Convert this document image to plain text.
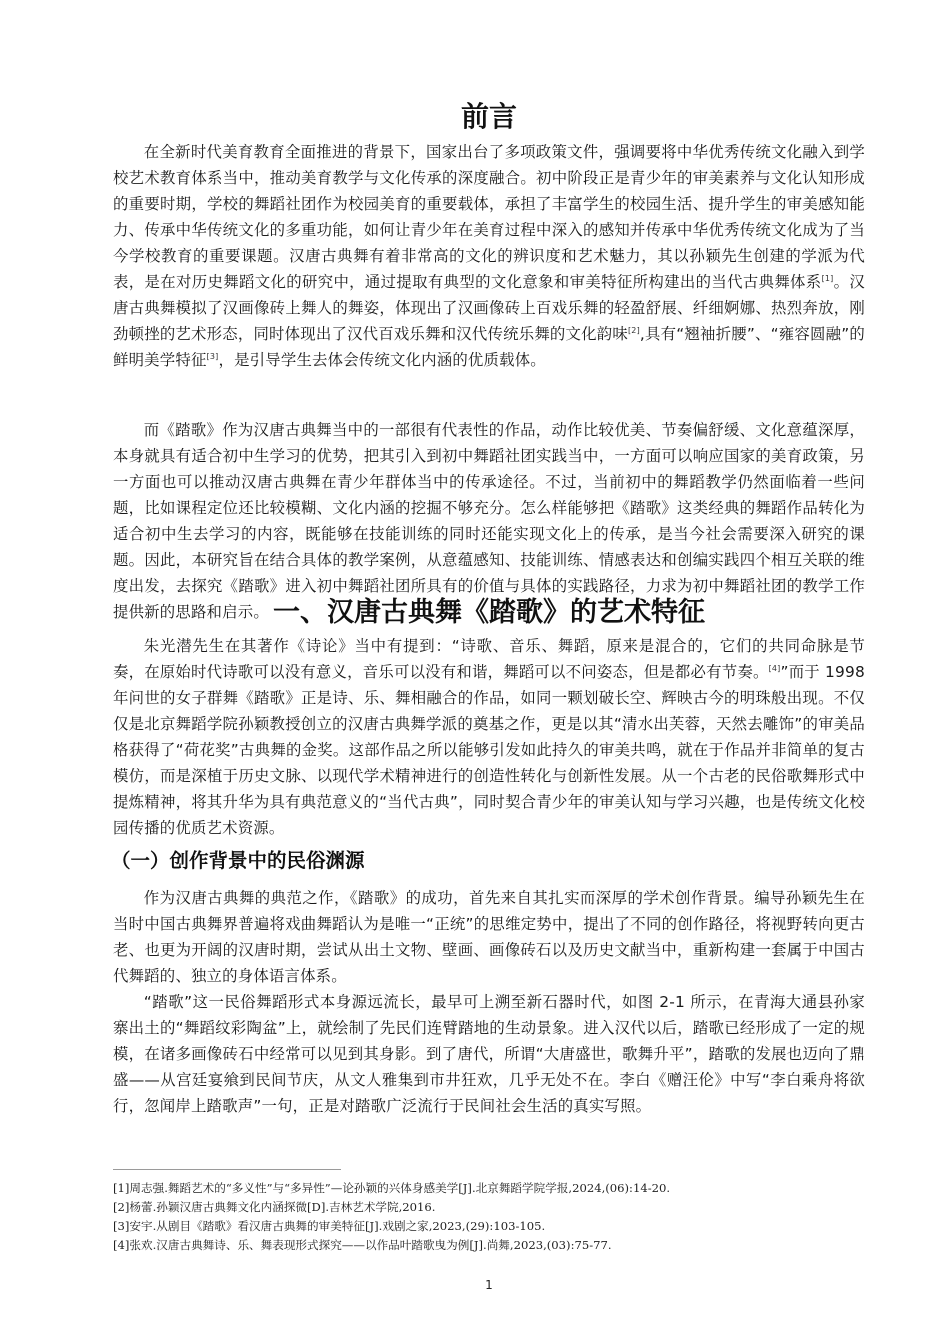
前言

在全新时代美育教育全面推进的背景下，国家出台了多项政策文件，强调要将中华优秀传统文化融入到学校艺术教育体系当中，推动美育教学与文化传承的深度融合。初中阶段正是青少年的审美素养与文化认知形成的重要时期，学校的舞蹈社团作为校园美育的重要载体，承担了丰富学生的校园生活、提升学生的审美感知能力、传承中华传统文化的多重功能，如何让青少年在美育过程中深入的感知并传承中华优秀传统文化成为了当今学校教育的重要课题。汉唐古典舞有着非常高的文化的辨识度和艺术魅力，其以孙颖先生创建的学派为代表，是在对历史舞蹈文化的研究中，通过提取有典型的文化意象和审美特征所构建出的当代古典舞体系[1]。汉唐古典舞模拟了汉画像砖上舞人的舞姿，体现出了汉画像砖上百戏乐舞的轻盈舒展、纤细婀娜、热烈奔放，刚劲顿挫的艺术形态，同时体现出了汉代百戏乐舞和汉代传统乐舞的文化韵味[2],具有“翘袖折腰”、“雍容圆融”的鲜明美学特征[3]，是引导学生去体会传统文化内涵的优质载体。

而《踏歌》作为汉唐古典舞当中的一部很有代表性的作品，动作比较优美、节奏偏舒缓、文化意蕴深厚，本身就具有适合初中生学习的优势，把其引入到初中舞蹈社团实践当中，一方面可以响应国家的美育政策，另一方面也可以推动汉唐古典舞在青少年群体当中的传承途径。不过，当前初中的舞蹈教学仍然面临着一些问题，比如课程定位还比较模糊、文化内涵的挖掘不够充分。怎么样能够把《踏歌》这类经典的舞蹈作品转化为适合初中生去学习的内容，既能够在技能训练的同时还能实现文化上的传承，是当今社会需要深入研究的课题。因此，本研究旨在结合具体的教学案例，从意蕴感知、技能训练、情感表达和创编实践四个相互关联的维度出发，去探究《踏歌》进入初中舞蹈社团所具有的价值与具体的实践路径，力求为初中舞蹈社团的教学工作提供新的思路和启示。 一、汉唐古典舞《踏歌》的艺术特征

朱光潜先生在其著作《诗论》当中有提到：“诗歌、音乐、舞蹈，原来是混合的，它们的共同命脉是节奏，在原始时代诗歌可以没有意义，音乐可以没有和谐，舞蹈可以不问姿态，但是都必有节奏。[4]”而于 1998 年问世的女子群舞《踏歌》正是诗、乐、舞相融合的作品，如同一颗划破长空、辉映古今的明珠般出现。不仅仅是北京舞蹈学院孙颖教授创立的汉唐古典舞学派的奠基之作，更是以其“清水出芙蓉，天然去雕饰”的审美品格获得了“荷花奖”古典舞的金奖。这部作品之所以能够引发如此持久的审美共鸣，就在于作品并非简单的复古模仿，而是深植于历史文脉、以现代学术精神进行的创造性转化与创新性发展。从一个古老的民俗歌舞形式中提炼精神，将其升华为具有典范意义的“当代古典”，同时契合青少年的审美认知与学习兴趣，也是传统文化校园传播的优质艺术资源。

（一）创作背景中的民俗渊源

作为汉唐古典舞的典范之作，《踏歌》的成功，首先来自其扎实而深厚的学术创作背景。编导孙颖先生在当时中国古典舞界普遍将戏曲舞蹈认为是唯一“正统”的思维定势中，提出了不同的创作路径，将视野转向更古老、也更为开阔的汉唐时期，尝试从出土文物、壁画、画像砖石以及历史文献当中，重新构建一套属于中国古代舞蹈的、独立的身体语言体系。

“踏歌”这一民俗舞蹈形式本身源远流长，最早可上溯至新石器时代，如图 2-1 所示，在青海大通县孙家寨出土的“舞蹈纹彩陶盆”上，就绘制了先民们连臂踏地的生动景象。进入汉代以后，踏歌已经形成了一定的规模，在诸多画像砖石中经常可以见到其身影。到了唐代，所谓“大唐盛世，歌舞升平”，踏歌的发展也迈向了鼎盛——从宫廷宴飨到民间节庆，从文人雅集到市井狂欢，几乎无处不在。李白《赠汪伦》中写“李白乘舟将欲行，忽闻岸上踏歌声”一句，正是对踏歌广泛流行于民间社会生活的真实写照。

[1]周志强.舞蹈艺术的“多义性”与“多异性”—论孙颖的兴体身感美学[J].北京舞蹈学院学报,2024,(06):14-20.
[2]杨蕾.孙颖汉唐古典舞文化内涵探微[D].吉林艺术学院,2016.
[3]安宇.从剧目《踏歌》看汉唐古典舞的审美特征[J].戏剧之家,2023,(29):103-105.
[4]张欢.汉唐古典舞诗、乐、舞表现形式探究——以作品叶踏歌曳为例[J].尚舞,2023,(03):75-77.
1
